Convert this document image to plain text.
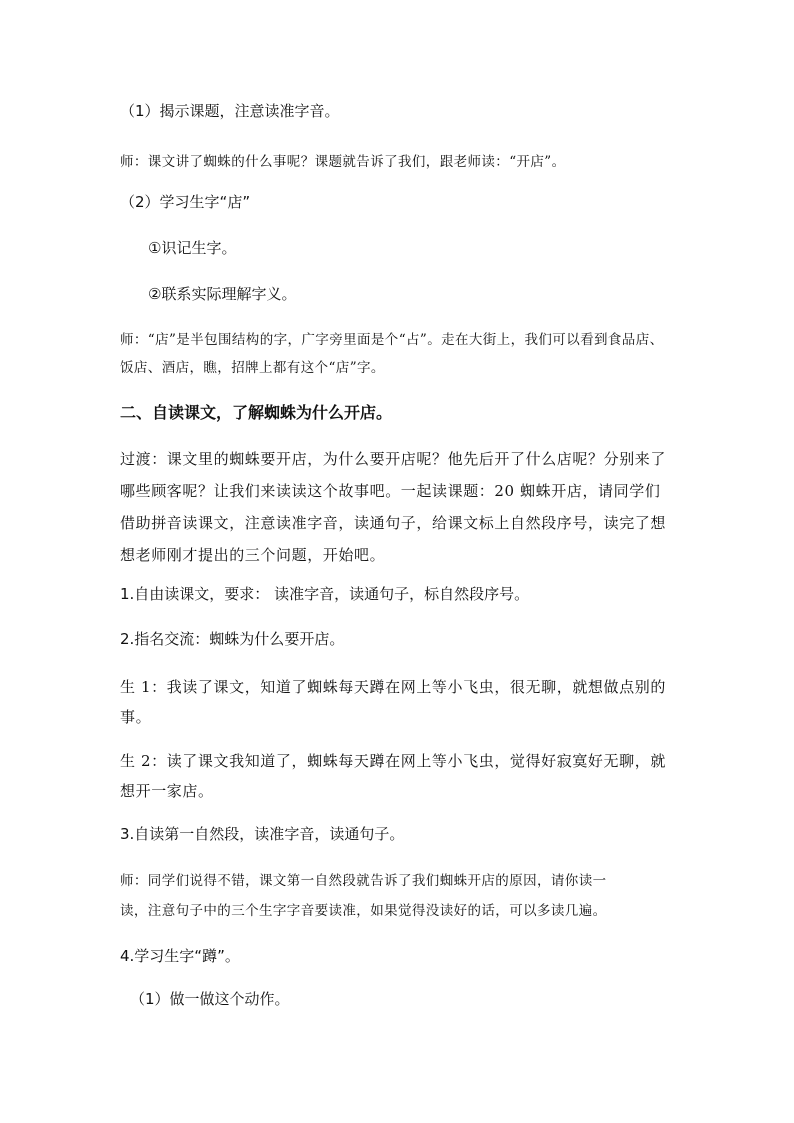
（1）揭示课题，注意读准字音。

师：课文讲了蜘蛛的什么事呢？课题就告诉了我们，跟老师读：“开店”。

（2）学习生字“店”

①识记生字。

②联系实际理解字义。

师：“店”是半包围结构的字，广字旁里面是个“占”。走在大街上，我们可以看到食品店、
饭店、酒店，瞧，招牌上都有这个“店”字。
二、自读课文，了解蜘蛛为什么开店。
过渡：课文里的蜘蛛要开店，为什么要开店呢？他先后开了什么店呢？分别来了
哪些顾客呢？让我们来读读这个故事吧。一起读课题：20 蜘蛛开店，请同学们
借助拼音读课文，注意读准字音，读通句子，给课文标上自然段序号，读完了想
想老师刚才提出的三个问题，开始吧。

1.自由读课文，要求： 读准字音，读通句子，标自然段序号。

2.指名交流：蜘蛛为什么要开店。

生 1：我读了课文，知道了蜘蛛每天蹲在网上等小飞虫，很无聊，就想做点别的
事。
生 2：读了课文我知道了，蜘蛛每天蹲在网上等小飞虫，觉得好寂寞好无聊，就
想开一家店。

3.自读第一自然段，读准字音，读通句子。

师：同学们说得不错，课文第一自然段就告诉了我们蜘蛛开店的原因，请你读一
读，注意句子中的三个生字字音要读准，如果觉得没读好的话，可以多读几遍。

4.学习生字“蹲”。

（1）做一做这个动作。
